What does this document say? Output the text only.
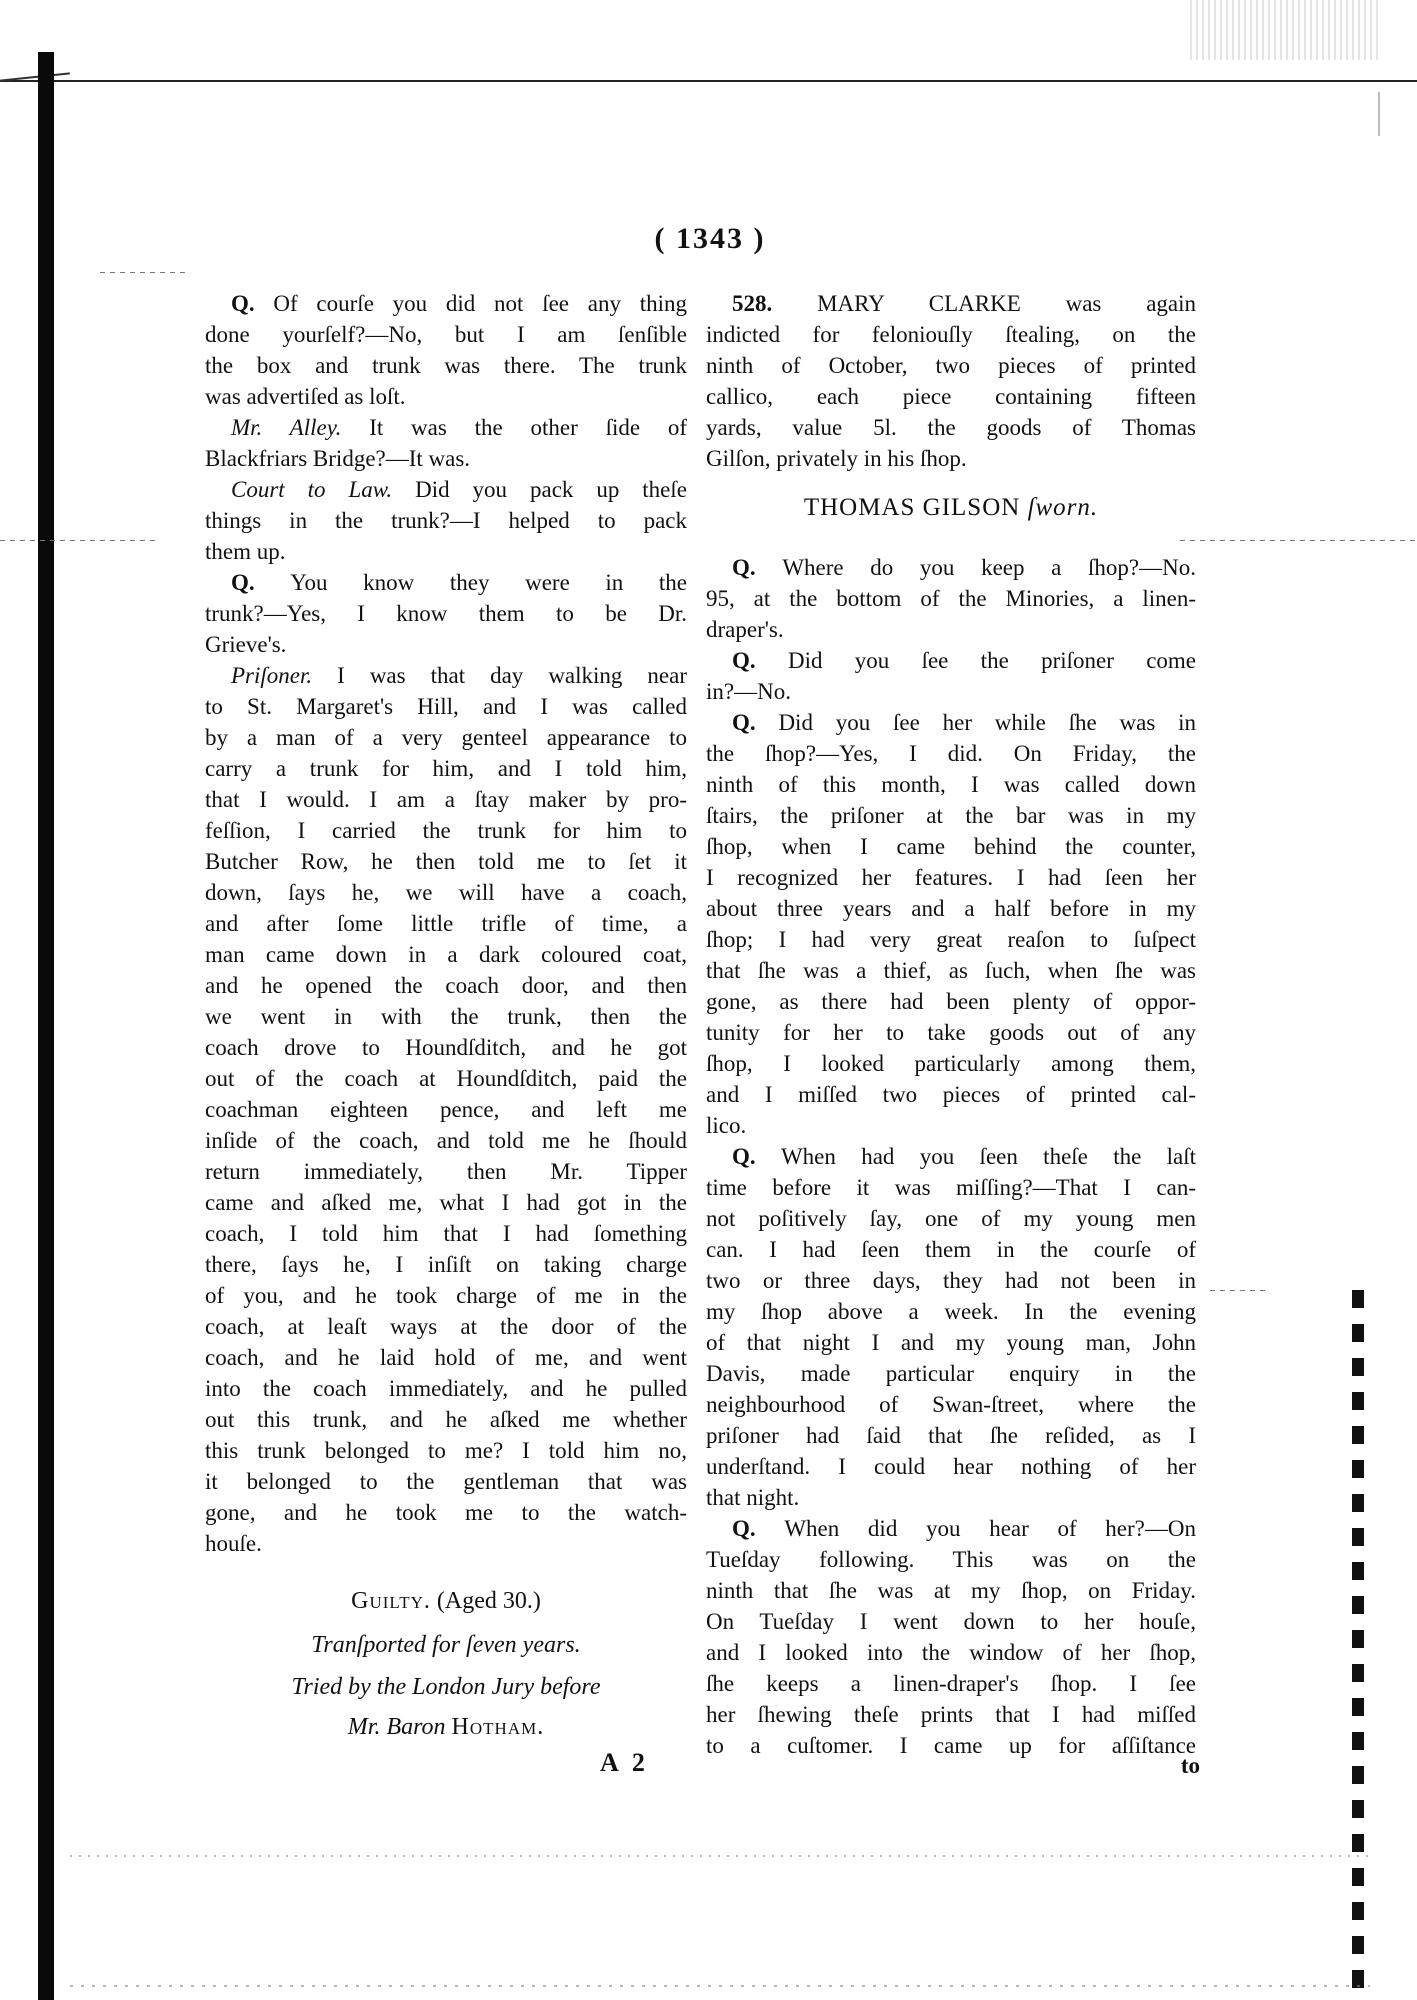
( 1343 )
Q. Of courſe you did not ſee any thing
done yourſelf?—No, but I am ſenſible
the box and trunk was there. The trunk
was advertiſed as loſt.
Mr. Alley. It was the other ſide of
Blackfriars Bridge?—It was.
Court to Law. Did you pack up theſe
things in the trunk?—I helped to pack
them up.
Q. You know they were in the
trunk?—Yes, I know them to be Dr.
Grieve's.
Priſoner. I was that day walking near
to St. Margaret's Hill, and I was called
by a man of a very genteel appearance to
carry a trunk for him, and I told him,
that I would. I am a ſtay maker by pro-
feſſion, I carried the trunk for him to
Butcher Row, he then told me to ſet it
down, ſays he, we will have a coach,
and after ſome little trifle of time, a
man came down in a dark coloured coat,
and he opened the coach door, and then
we went in with the trunk, then the
coach drove to Houndſditch, and he got
out of the coach at Houndſditch, paid the
coachman eighteen pence, and left me
inſide of the coach, and told me he ſhould
return immediately, then Mr. Tipper
came and aſked me, what I had got in the
coach, I told him that I had ſomething
there, ſays he, I inſiſt on taking charge
of you, and he took charge of me in the
coach, at leaſt ways at the door of the
coach, and he laid hold of me, and went
into the coach immediately, and he pulled
out this trunk, and he aſked me whether
this trunk belonged to me? I told him no,
it belonged to the gentleman that was
gone, and he took me to the watch-
houſe.
Guilty. (Aged 30.)
Tranſported for ſeven years.
Tried by the London Jury before
Mr. Baron Hotham.
528. MARY CLARKE was again
indicted for feloniouſly ſtealing, on the
ninth of October, two pieces of printed
callico, each piece containing fifteen
yards, value 5l. the goods of Thomas
Gilſon, privately in his ſhop.
THOMAS GILSON ſworn.
Q. Where do you keep a ſhop?—No.
95, at the bottom of the Minories, a linen-
draper's.
Q. Did you ſee the priſoner come
in?—No.
Q. Did you ſee her while ſhe was in
the ſhop?—Yes, I did. On Friday, the
ninth of this month, I was called down
ſtairs, the priſoner at the bar was in my
ſhop, when I came behind the counter,
I recognized her features. I had ſeen her
about three years and a half before in my
ſhop; I had very great reaſon to ſuſpect
that ſhe was a thief, as ſuch, when ſhe was
gone, as there had been plenty of oppor-
tunity for her to take goods out of any
ſhop, I looked particularly among them,
and I miſſed two pieces of printed cal-
lico.
Q. When had you ſeen theſe the laſt
time before it was miſſing?—That I can-
not poſitively ſay, one of my young men
can. I had ſeen them in the courſe of
two or three days, they had not been in
my ſhop above a week. In the evening
of that night I and my young man, John
Davis, made particular enquiry in the
neighbourhood of Swan-ſtreet, where the
priſoner had ſaid that ſhe reſided, as I
underſtand. I could hear nothing of her
that night.
Q. When did you hear of her?—On
Tueſday following. This was on the
ninth that ſhe was at my ſhop, on Friday.
On Tueſday I went down to her houſe,
and I looked into the window of her ſhop,
ſhe keeps a linen-draper's ſhop. I ſee
her ſhewing theſe prints that I had miſſed
to a cuſtomer. I came up for aſſiſtance
to
A 2
